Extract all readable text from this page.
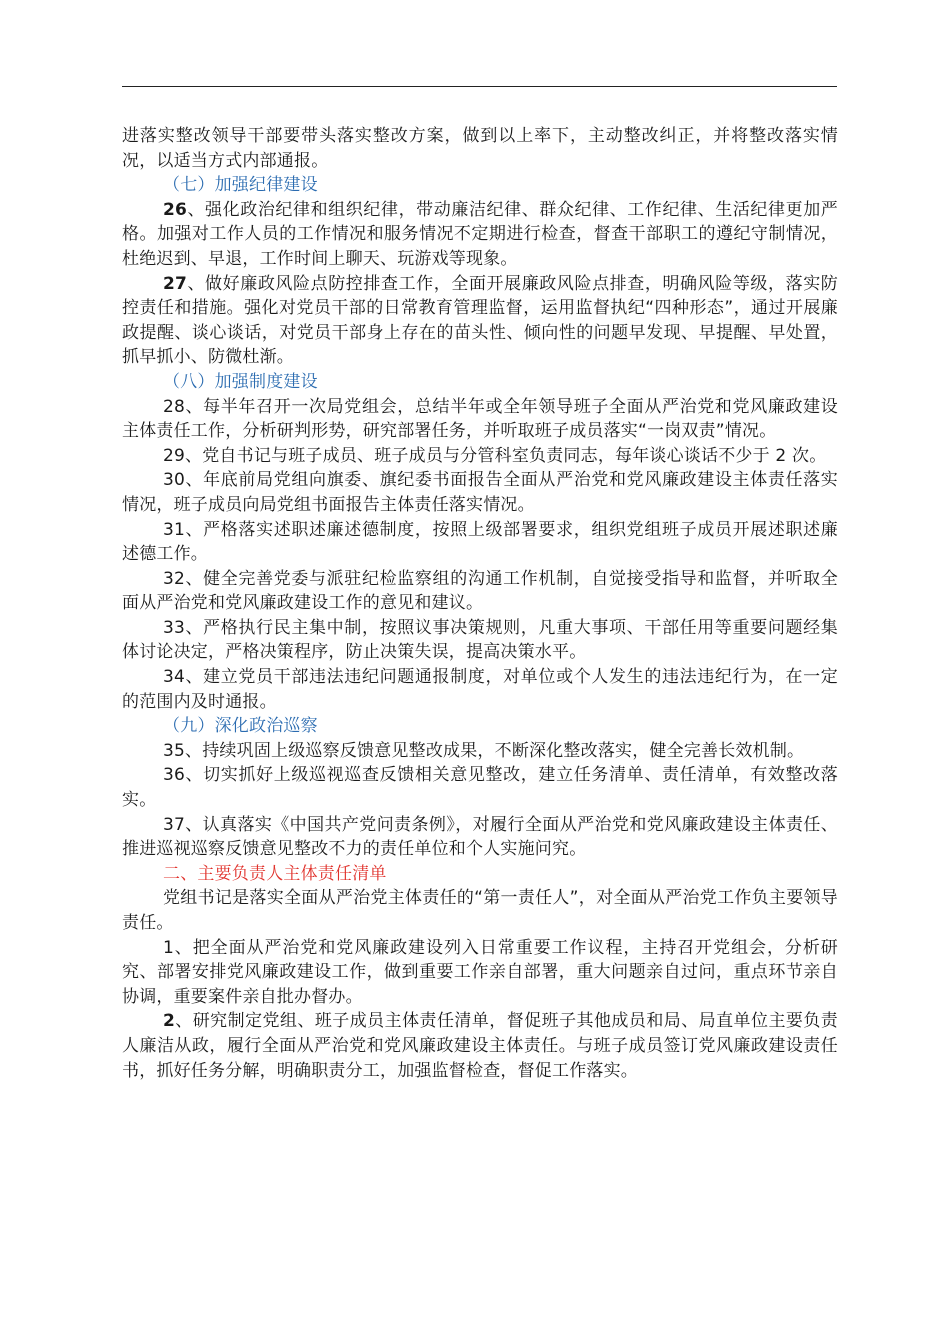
进落实整改领导干部要带头落实整改方案，做到以上率下，主动整改纠正，并将整改落实情况，以适当方式内部通报。

（七）加强纪律建设

26、强化政治纪律和组织纪律，带动廉洁纪律、群众纪律、工作纪律、生活纪律更加严格。加强对工作人员的工作情况和服务情况不定期进行检查，督查干部职工的遵纪守制情况，杜绝迟到、早退，工作时间上聊天、玩游戏等现象。

27、做好廉政风险点防控排查工作，全面开展廉政风险点排查，明确风险等级，落实防控责任和措施。强化对党员干部的日常教育管理监督，运用监督执纪“四种形态”，通过开展廉政提醒、谈心谈话，对党员干部身上存在的苗头性、倾向性的问题早发现、早提醒、早处置，抓早抓小、防微杜渐。

（八）加强制度建设

28、每半年召开一次局党组会，总结半年或全年领导班子全面从严治党和党风廉政建设主体责任工作，分析研判形势，研究部署任务，并听取班子成员落实“一岗双责”情况。

29、党自书记与班子成员、班子成员与分管科室负责同志，每年谈心谈话不少于 2 次。

30、年底前局党组向旗委、旗纪委书面报告全面从严治党和党风廉政建设主体责任落实情况，班子成员向局党组书面报告主体责任落实情况。

31、严格落实述职述廉述德制度，按照上级部署要求，组织党组班子成员开展述职述廉述德工作。

32、健全完善党委与派驻纪检监察组的沟通工作机制，自觉接受指导和监督，并听取全面从严治党和党风廉政建设工作的意见和建议。

33、严格执行民主集中制，按照议事决策规则，凡重大事项、干部任用等重要问题经集体讨论决定，严格决策程序，防止决策失误，提高决策水平。

34、建立党员干部违法违纪问题通报制度，对单位或个人发生的违法违纪行为，在一定的范围内及时通报。

（九）深化政治巡察

35、持续巩固上级巡察反馈意见整改成果，不断深化整改落实，健全完善长效机制。

36、切实抓好上级巡视巡查反馈相关意见整改，建立任务清单、责任清单，有效整改落实。

37、认真落实《中国共产党问责条例》，对履行全面从严治党和党风廉政建设主体责任、推进巡视巡察反馈意见整改不力的责任单位和个人实施问究。

二、主要负责人主体责任清单

党组书记是落实全面从严治党主体责任的“第一责任人”，对全面从严治党工作负主要领导责任。

1、把全面从严治党和党风廉政建设列入日常重要工作议程，主持召开党组会，分析研究、部署安排党风廉政建设工作，做到重要工作亲自部署，重大问题亲自过问，重点环节亲自协调，重要案件亲自批办督办。

2、研究制定党组、班子成员主体责任清单，督促班子其他成员和局、局直单位主要负责人廉洁从政，履行全面从严治党和党风廉政建设主体责任。与班子成员签订党风廉政建设责任书，抓好任务分解，明确职责分工，加强监督检查，督促工作落实。
